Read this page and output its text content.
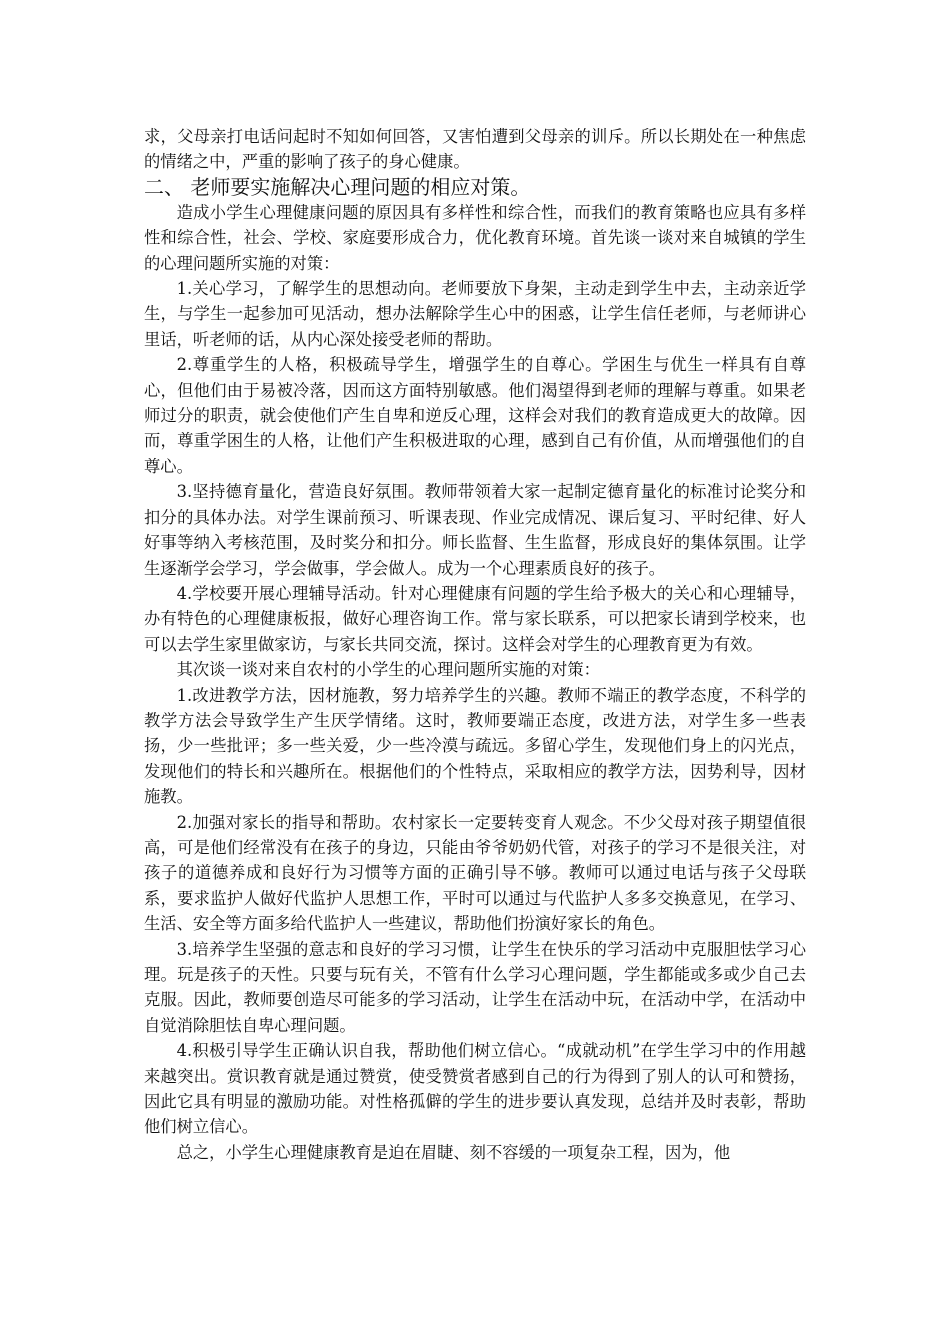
求，父母亲打电话问起时不知如何回答，又害怕遭到父母亲的训斥。所以长期处在一种焦虑的情绪之中，严重的影响了孩子的身心健康。

二、 老师要实施解决心理问题的相应对策。

造成小学生心理健康问题的原因具有多样性和综合性，而我们的教育策略也应具有多样性和综合性，社会、学校、家庭要形成合力，优化教育环境。首先谈一谈对来自城镇的学生的心理问题所实施的对策：

1.关心学习，了解学生的思想动向。老师要放下身架，主动走到学生中去，主动亲近学生，与学生一起参加可见活动，想办法解除学生心中的困惑，让学生信任老师，与老师讲心里话，听老师的话，从内心深处接受老师的帮助。

2.尊重学生的人格，积极疏导学生，增强学生的自尊心。学困生与优生一样具有自尊心，但他们由于易被冷落，因而这方面特别敏感。他们渴望得到老师的理解与尊重。如果老师过分的职责，就会使他们产生自卑和逆反心理，这样会对我们的教育造成更大的故障。因而，尊重学困生的人格，让他们产生积极进取的心理，感到自己有价值，从而增强他们的自尊心。

3.坚持德育量化，营造良好氛围。教师带领着大家一起制定德育量化的标准讨论奖分和扣分的具体办法。对学生课前预习、听课表现、作业完成情况、课后复习、平时纪律、好人好事等纳入考核范围，及时奖分和扣分。师长监督、生生监督，形成良好的集体氛围。让学生逐渐学会学习，学会做事，学会做人。成为一个心理素质良好的孩子。

4.学校要开展心理辅导活动。针对心理健康有问题的学生给予极大的关心和心理辅导，办有特色的心理健康板报，做好心理咨询工作。常与家长联系，可以把家长请到学校来，也可以去学生家里做家访，与家长共同交流，探讨。这样会对学生的心理教育更为有效。

其次谈一谈对来自农村的小学生的心理问题所实施的对策：

1.改进教学方法，因材施教，努力培养学生的兴趣。教师不端正的教学态度，不科学的教学方法会导致学生产生厌学情绪。这时，教师要端正态度，改进方法，对学生多一些表扬，少一些批评；多一些关爱，少一些冷漠与疏远。多留心学生，发现他们身上的闪光点，发现他们的特长和兴趣所在。根据他们的个性特点，采取相应的教学方法，因势利导，因材施教。

2.加强对家长的指导和帮助。农村家长一定要转变育人观念。不少父母对孩子期望值很高，可是他们经常没有在孩子的身边，只能由爷爷奶奶代管，对孩子的学习不是很关注，对孩子的道德养成和良好行为习惯等方面的正确引导不够。教师可以通过电话与孩子父母联系，要求监护人做好代监护人思想工作，平时可以通过与代监护人多多交换意见，在学习、生活、安全等方面多给代监护人一些建议，帮助他们扮演好家长的角色。

3.培养学生坚强的意志和良好的学习习惯，让学生在快乐的学习活动中克服胆怯学习心理。玩是孩子的天性。只要与玩有关，不管有什么学习心理问题，学生都能或多或少自己去克服。因此，教师要创造尽可能多的学习活动，让学生在活动中玩，在活动中学，在活动中自觉消除胆怯自卑心理问题。

4.积极引导学生正确认识自我，帮助他们树立信心。“成就动机”在学生学习中的作用越来越突出。赏识教育就是通过赞赏，使受赞赏者感到自己的行为得到了别人的认可和赞扬，因此它具有明显的激励功能。对性格孤僻的学生的进步要认真发现，总结并及时表彰，帮助他们树立信心。

总之，小学生心理健康教育是迫在眉睫、刻不容缓的一项复杂工程，因为，他
